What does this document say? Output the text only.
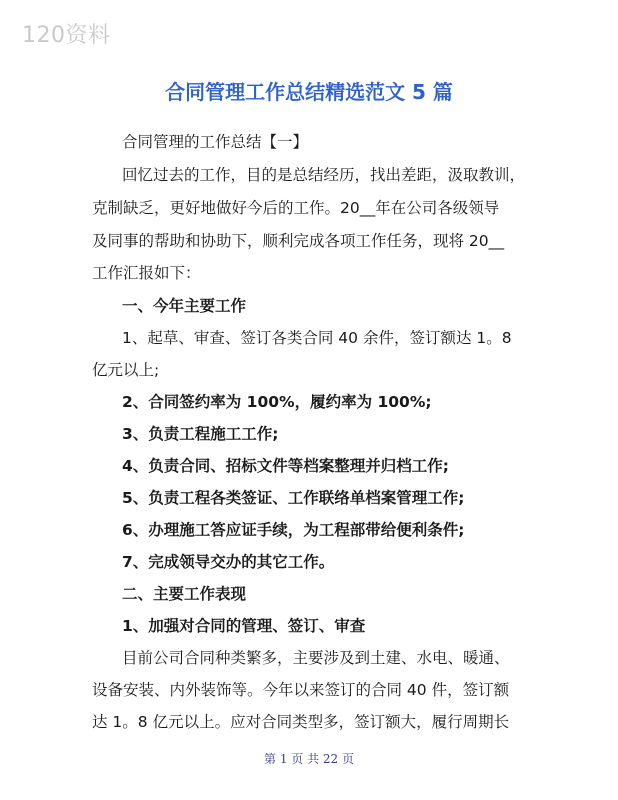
120资料
合同管理工作总结精选范文 5 篇
合同管理的工作总结【一】
回忆过去的工作，目的是总结经历，找出差距，汲取教训，
克制缺乏，更好地做好今后的工作。20__年在公司各级领导
及同事的帮助和协助下，顺利完成各项工作任务，现将 20__
工作汇报如下：
一、今年主要工作
1、起草、审查、签订各类合同 40 余件，签订额达 1。8
亿元以上;
2、合同签约率为 100%，履约率为 100%;
3、负责工程施工工作;
4、负责合同、招标文件等档案整理并归档工作;
5、负责工程各类签证、工作联络单档案管理工作;
6、办理施工答应证手续，为工程部带给便利条件;
7、完成领导交办的其它工作。
二、主要工作表现
1、加强对合同的管理、签订、审查
目前公司合同种类繁多，主要涉及到土建、水电、暖通、
设备安装、内外装饰等。今年以来签订的合同 40 件，签订额
达 1。8 亿元以上。应对合同类型多，签订额大，履行周期长
第 1 页 共 22 页
